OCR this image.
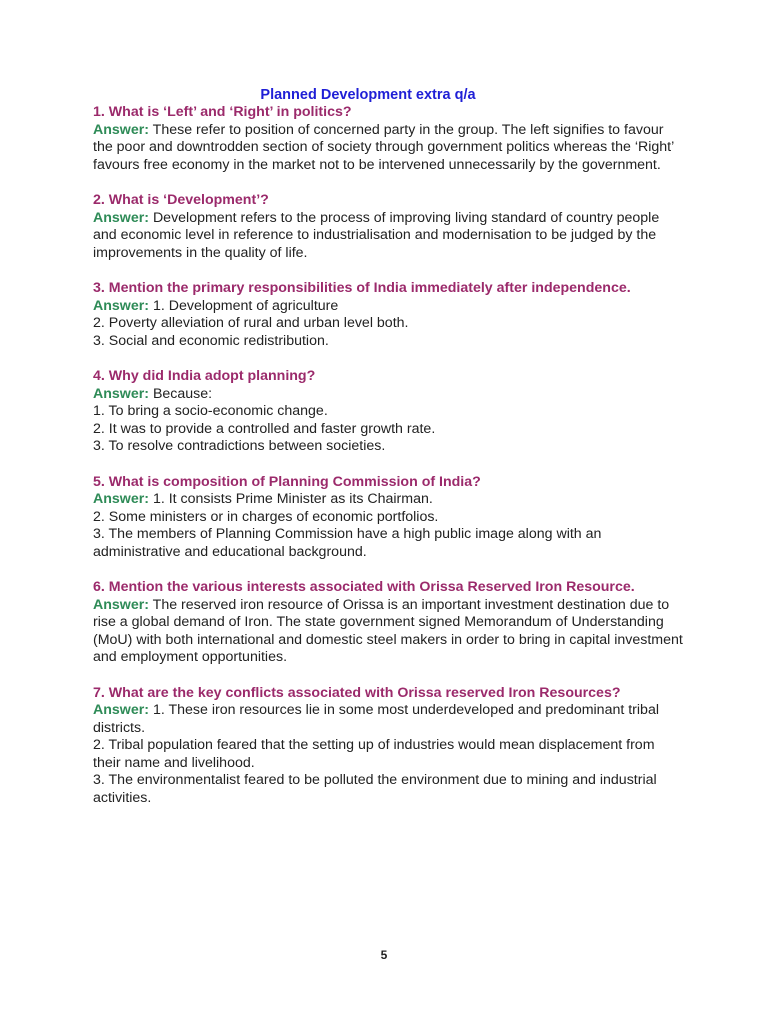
Planned Development extra q/a

1. What is ‘Left’ and ‘Right’ in politics?

Answer: These refer to position of concerned party in the group. The left signifies to favour the poor and downtrodden section of society through government politics whereas the ‘Right’ favours free economy in the market not to be intervened unnecessarily by the government.

2. What is ‘Development’?

Answer: Development refers to the process of improving living standard of country people and economic level in reference to industrialisation and modernisation to be judged by the improvements in the quality of life.

3. Mention the primary responsibilities of India immediately after independence.

Answer: 1. Development of agriculture
2. Poverty alleviation of rural and urban level both.
3. Social and economic redistribution.

4. Why did India adopt planning?

Answer: Because:
1. To bring a socio-economic change.
2. It was to provide a controlled and faster growth rate.
3. To resolve contradictions between societies.

5. What is composition of Planning Commission of India?

Answer: 1. It consists Prime Minister as its Chairman.
2. Some ministers or in charges of economic portfolios.
3. The members of Planning Commission have a high public image along with an administrative and educational background.

6. Mention the various interests associated with Orissa Reserved Iron Resource.

Answer: The reserved iron resource of Orissa is an important investment destination due to rise a global demand of Iron. The state government signed Memorandum of Understanding (MoU) with both international and domestic steel makers in order to bring in capital investment and employment opportunities.

7. What are the key conflicts associated with Orissa reserved Iron Resources?

Answer: 1. These iron resources lie in some most underdeveloped and predominant tribal districts.
2. Tribal population feared that the setting up of industries would mean displacement from their name and livelihood.
3. The environmentalist feared to be polluted the environment due to mining and industrial activities.

5
